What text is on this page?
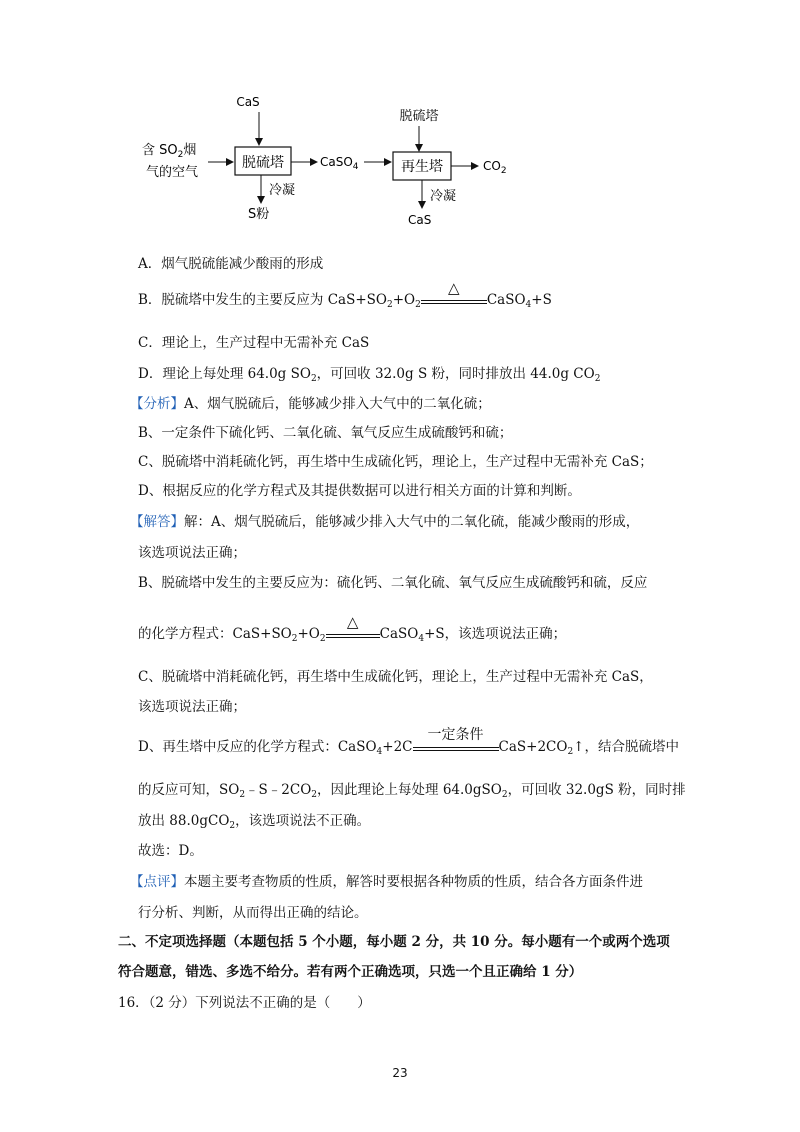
CaS
含 $SO_2$烟
气的空气
脱硫塔	CaSO$_4$
脱硫塔
再生塔	$CO_2$
冷凝
S粉
冷凝
CaS
A．烟气脱硫能减少酸雨的形成
B．脱硫塔中发生的主要反应为 $CaS+SO_2+O_2$
△
CaSO$_4$+S
C．理论上，生产过程中无需补充 CaS
D．理论上每处理 64.0g $SO_2$，可回收 32.0g S 粉，同时排放出 44.0g $CO_2$
【分析】A、烟气脱硫后，能够减少排入大气中的二氧化硫；
B、一定条件下硫化钙、二氧化硫、氧气反应生成硫酸钙和硫；
C、脱硫塔中消耗硫化钙，再生塔中生成硫化钙，理论上，生产过程中无需补充 CaS；
D、根据反应的化学方程式及其提供数据可以进行相关方面的计算和判断。
【解答】解：A、烟气脱硫后，能够减少排入大气中的二氧化硫，能减少酸雨的形成，
该选项说法正确；
B、脱硫塔中发生的主要反应为：硫化钙、二氧化硫、氧气反应生成硫酸钙和硫，反应
的化学方程式：$CaS+SO_2+O_2$
△
CaSO$_4$+S，该选项说法正确；
C、脱硫塔中消耗硫化钙，再生塔中生成硫化钙，理论上，生产过程中无需补充 CaS，
该选项说法正确；
D、再生塔中反应的化学方程式：CaSO$_4$+2C
一定条件
$CaS+2CO_2↑$，结合脱硫塔中
的反应可知，$SO_2﹣S﹣2CO_2$，因此理论上每处理 64.0gSO$_2$，可回收 32.0gS 粉，同时排
放出 88.0gCO$_2$，该选项说法不正确。
故选：D。
【点评】本题主要考查物质的性质，解答时要根据各种物质的性质，结合各方面条件进
行分析、判断，从而得出正确的结论。
二、不定项选择题（本题包括 5 个小题，每小题 2 分，共 10 分。每小题有一个或两个选项
符合题意，错选、多选不给分。若有两个正确选项，只选一个且正确给 1 分）
16．（2 分）下列说法不正确的是（　　）
23
